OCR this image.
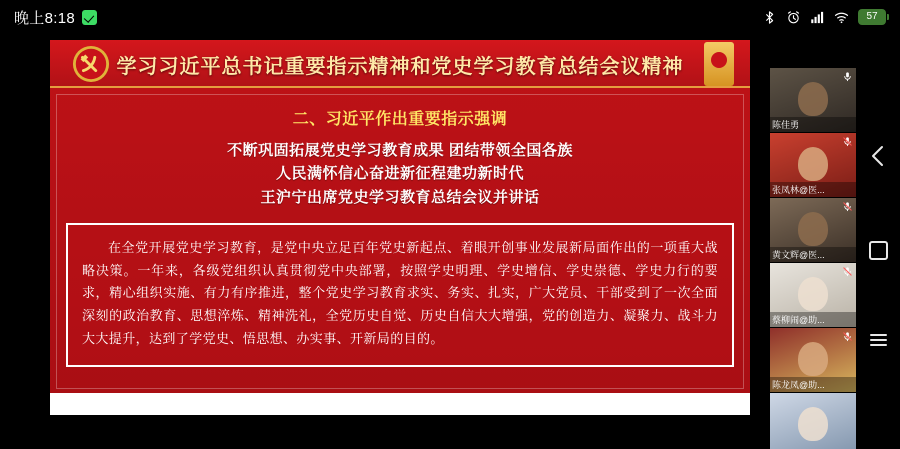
晚上8:18	57
学习习近平总书记重要指示精神和党史学习教育总结会议精神
二、习近平作出重要指示强调
不断巩固拓展党史学习教育成果 团结带领全国各族
人民满怀信心奋进新征程建功新时代
王沪宁出席党史学习教育总结会议并讲话

在全党开展党史学习教育，是党中央立足百年党史新起点、着眼开创事业发展新局面作出的一项重大战略决策。一年来，各级党组织认真贯彻党中央部署，按照学史明理、学史增信、学史崇德、学史力行的要求，精心组织实施、有力有序推进，整个党史学习教育求实、务实、扎实，广大党员、干部受到了一次全面深刻的政治教育、思想淬炼、精神洗礼，全党历史自觉、历史自信大大增强，党的创造力、凝聚力、战斗力大大提升，达到了学党史、悟思想、办实事、开新局的目的。

陈佳勇
张凤林@医...
黄文辉@医...
蔡柳闹@助...
陈龙凤@助...
